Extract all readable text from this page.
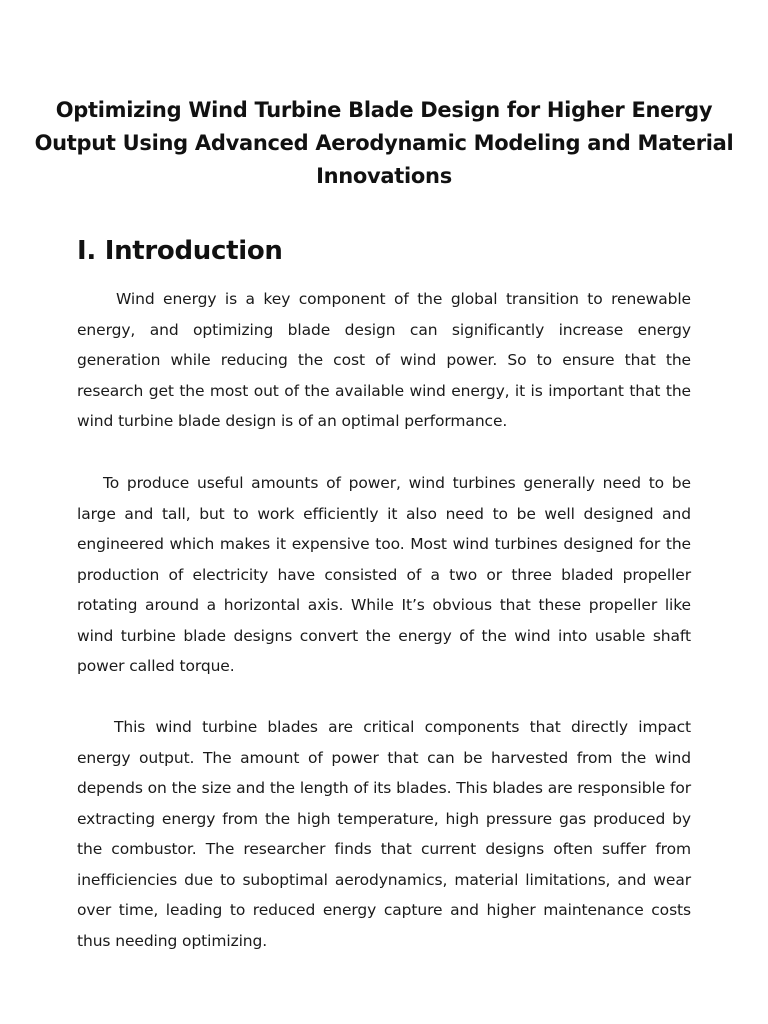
Optimizing Wind Turbine Blade Design for Higher Energy Output Using Advanced Aerodynamic Modeling and Material Innovations
I. Introduction

Wind energy is a key component of the global transition to renewable energy, and optimizing blade design can significantly increase energy generation while reducing the cost of wind power. So to ensure that the research get the most out of the available wind energy, it is important that the wind turbine blade design is of an optimal performance.

To produce useful amounts of power, wind turbines generally need to be large and tall, but to work efficiently it also need to be well designed and engineered which makes it expensive too. Most wind turbines designed for the production of electricity have consisted of a two or three bladed propeller rotating around a horizontal axis. While It’s obvious that these propeller like wind turbine blade designs convert the energy of the wind into usable shaft power called torque.

This wind turbine blades are critical components that directly impact energy output. The amount of power that can be harvested from the wind depends on the size and the length of its blades. This blades are responsible for extracting energy from the high temperature, high pressure gas produced by the combustor. The researcher finds that current designs often suffer from inefficiencies due to suboptimal aerodynamics, material limitations, and wear over time, leading to reduced energy capture and higher maintenance costs thus needing optimizing.
